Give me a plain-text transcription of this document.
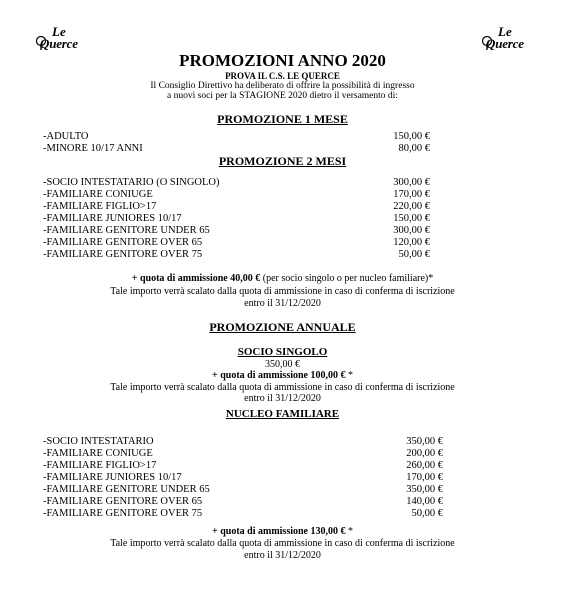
Le
Querce
Le
Querce
PROMOZIONI ANNO 2020
PROVA IL C.S. LE QUERCE
Il Consiglio Direttivo ha deliberato di offrire la possibilità di ingresso
a nuovi soci per la STAGIONE 2020 dietro il versamento di:
PROMOZIONE 1 MESE
-ADULTO	150,00 €
-MINORE 10/17 ANNI	80,00 €
PROMOZIONE 2 MESI
-SOCIO INTESTATARIO (O SINGOLO)	300,00 €
-FAMILIARE CONIUGE	170,00 €
-FAMILIARE FIGLIO>17	220,00 €
-FAMILIARE JUNIORES 10/17	150,00 €
-FAMILIARE GENITORE UNDER 65	300,00 €
-FAMILIARE GENITORE OVER 65	120,00 €
-FAMILIARE GENITORE OVER 75	50,00 €
+ quota di ammissione 40,00 € (per socio singolo o per nucleo familiare)*
Tale importo verrà scalato dalla quota di ammissione in caso di conferma di iscrizione
entro il 31/12/2020
PROMOZIONE ANNUALE
SOCIO SINGOLO
350,00 €
+ quota di ammissione 100,00 € *
Tale importo verrà scalato dalla quota di ammissione in caso di conferma di iscrizione
entro il 31/12/2020
NUCLEO FAMILIARE
-SOCIO INTESTATARIO	350,00 €
-FAMILIARE CONIUGE	200,00 €
-FAMILIARE FIGLIO>17	260,00 €
-FAMILIARE JUNIORES 10/17	170,00 €
-FAMILIARE GENITORE UNDER 65	350,00 €
-FAMILIARE GENITORE OVER 65	140,00 €
-FAMILIARE GENITORE OVER 75	50,00 €
+ quota di ammissione 130,00 € *
Tale importo verrà scalato dalla quota di ammissione in caso di conferma di iscrizione
entro il 31/12/2020
